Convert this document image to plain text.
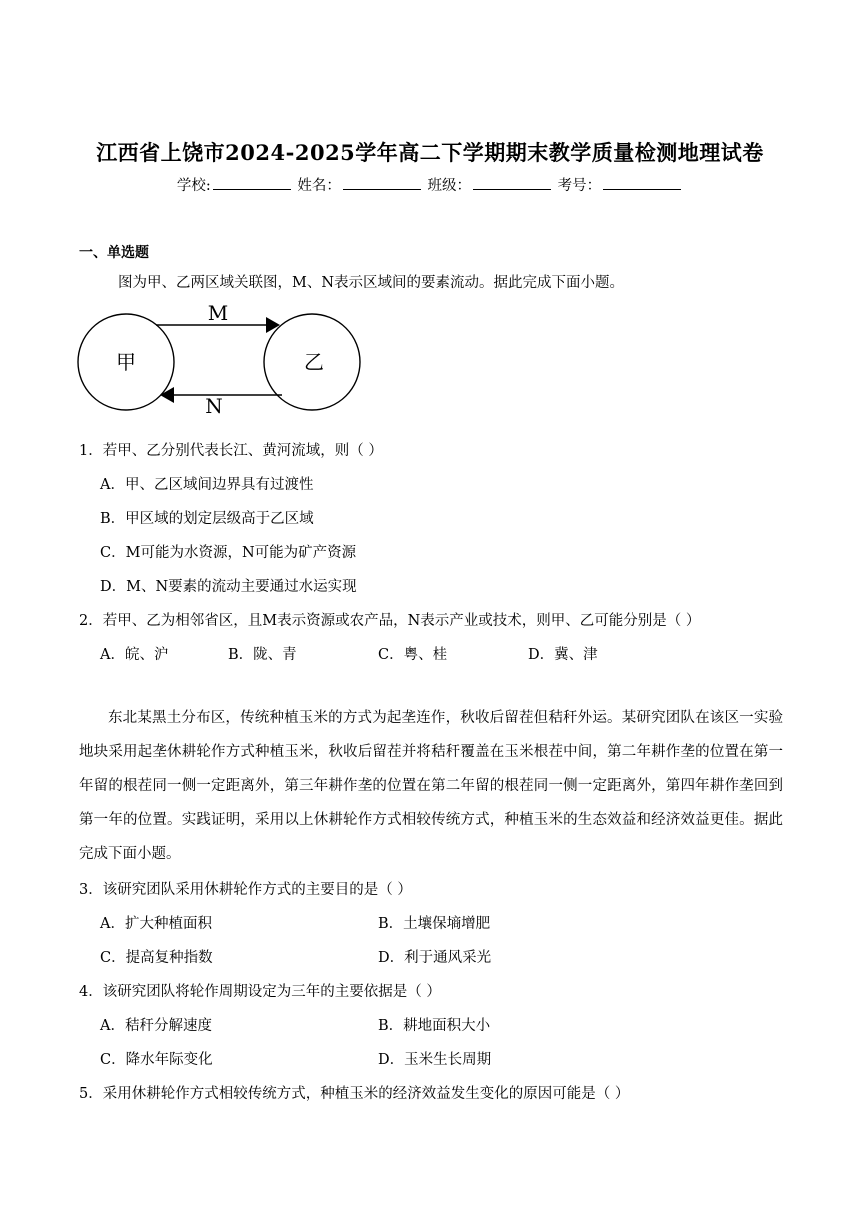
江西省上饶市2024-2025学年高二下学期期末教学质量检测地理试卷
学校:	姓名：	班级：	考号：
一、单选题
图为甲、乙两区域关联图，M、N表示区域间的要素流动。据此完成下面小题。
甲	乙
M
N
1．若甲、乙分别代表长江、黄河流域，则（ ）
A．甲、乙区域间边界具有过渡性
B．甲区域的划定层级高于乙区域
C．M可能为水资源，N可能为矿产资源
D．M、N要素的流动主要通过水运实现
2．若甲、乙为相邻省区，且M表示资源或农产品，N表示产业或技术，则甲、乙可能分别是（ ）
A．皖、沪	B．陇、青	C．粤、桂	D．冀、津
东北某黑土分布区，传统种植玉米的方式为起垄连作，秋收后留茬但秸秆外运。某研究团队在该区一实验地块采用起垄休耕轮作方式种植玉米，秋收后留茬并将秸秆覆盖在玉米根茬中间，第二年耕作垄的位置在第一年留的根茬同一侧一定距离外，第三年耕作垄的位置在第二年留的根茬同一侧一定距离外，第四年耕作垄回到第一年的位置。实践证明，采用以上休耕轮作方式相较传统方式，种植玉米的生态效益和经济效益更佳。据此完成下面小题。
3．该研究团队采用休耕轮作方式的主要目的是（ ）
A．扩大种植面积	B．土壤保墒增肥
C．提高复种指数	D．利于通风采光
4．该研究团队将轮作周期设定为三年的主要依据是（ ）
A．秸秆分解速度	B．耕地面积大小
C．降水年际变化	D．玉米生长周期
5．采用休耕轮作方式相较传统方式，种植玉米的经济效益发生变化的原因可能是（ ）
